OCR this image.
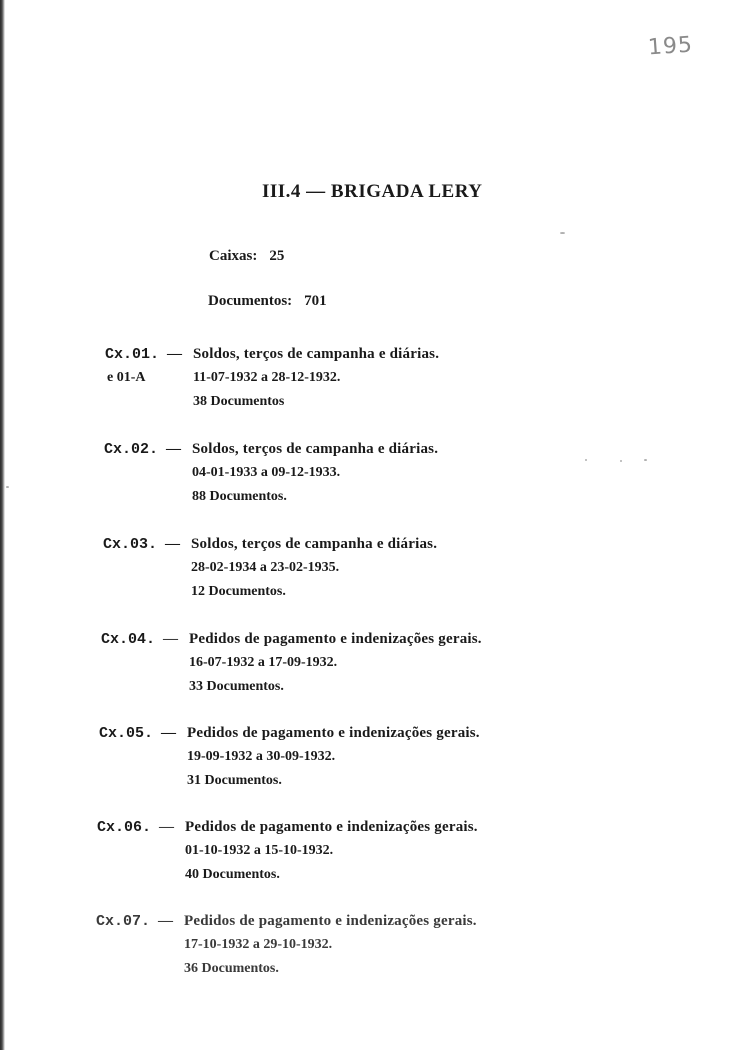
195
III.4 — BRIGADA LERY
Caixas: 25
Documentos: 701
Cx.01.
e 01-A
— Soldos, terços de campanha e diárias.
11-07-1932 a 28-12-1932.
38 Documentos
Cx.02. — Soldos, terços de campanha e diárias.
04-01-1933 a 09-12-1933.
88 Documentos.
Cx.03. — Soldos, terços de campanha e diárias.
28-02-1934 a 23-02-1935.
12 Documentos.
Cx.04. — Pedidos de pagamento e indenizações gerais.
16-07-1932 a 17-09-1932.
33 Documentos.
Cx.05. — Pedidos de pagamento e indenizações gerais.
19-09-1932 a 30-09-1932.
31 Documentos.
Cx.06. — Pedidos de pagamento e indenizações gerais.
01-10-1932 a 15-10-1932.
40 Documentos.
Cx.07. — Pedidos de pagamento e indenizações gerais.
17-10-1932 a 29-10-1932.
36 Documentos.
